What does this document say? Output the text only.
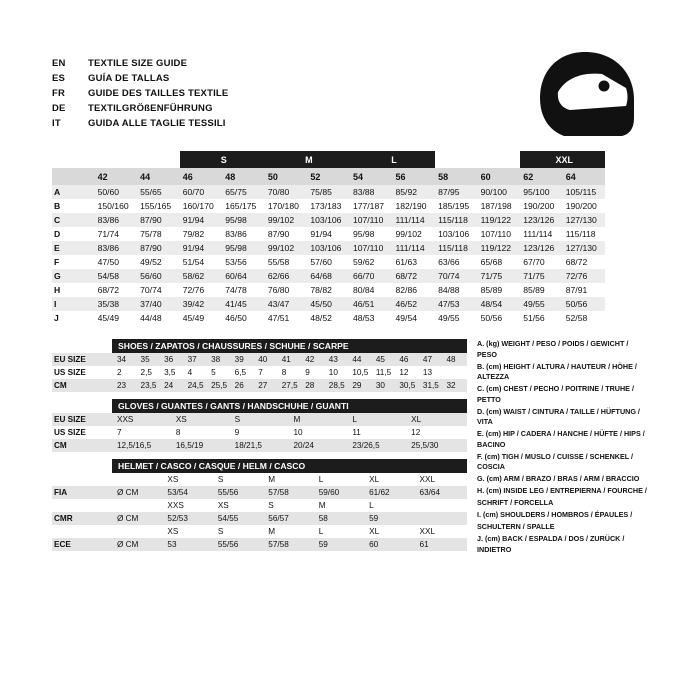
EN	TEXTILE SIZE GUIDE
ES	GUÍA DE TALLAS
FR	GUIDE DES TAILLES TEXTILE
DE	TEXTILGRÖßENFÜHRUNG
IT	GUIDA ALLE TAGLIE TESSILI
			S		M		L				XXL		
	42	44	46	48	50	52	54	56	58	60	62	64	
A	50/60	55/65	60/70	65/75	70/80	75/85	83/88	85/92	87/95	90/100	95/100	105/115	
B	150/160	155/165	160/170	165/175	170/180	173/183	177/187	182/190	185/195	187/198	190/200	190/200	
C	83/86	87/90	91/94	95/98	99/102	103/106	107/110	111/114	115/118	119/122	123/126	127/130	
D	71/74	75/78	79/82	83/86	87/90	91/94	95/98	99/102	103/106	107/110	111/114	115/118	
E	83/86	87/90	91/94	95/98	99/102	103/106	107/110	111/114	115/118	119/122	123/126	127/130	
F	47/50	49/52	51/54	53/56	55/58	57/60	59/62	61/63	63/66	65/68	67/70	68/72	
G	54/58	56/60	58/62	60/64	62/66	64/68	66/70	68/72	70/74	71/75	71/75	72/76	
H	68/72	70/74	72/76	74/78	76/80	78/82	80/84	82/86	84/88	85/89	85/89	87/91	
I	35/38	37/40	39/42	41/45	43/47	45/50	46/51	46/52	47/53	48/54	49/55	50/56	
J	45/49	44/48	45/49	46/50	47/51	48/52	48/53	49/54	49/55	50/56	51/56	52/58	
SHOES / ZAPATOS / CHAUSSURES / SCHUHE / SCARPE
EU SIZE	34	35	36	37	38	39	40	41	42	43	44	45	46	47	48
US SIZE	2	2,5	3,5	4	5	6,5	7	8	9	10	10,5	11,5	12	13	
CM	23	23,5	24	24,5	25,5	26	27	27,5	28	28,5	29	30	30,5	31,5	32
GLOVES / GUANTES / GANTS / HANDSCHUHE / GUANTI
EU SIZE	XXS	XS	S	M	L	XL
US SIZE	7	8	9	10	11	12
CM	12,5/16,5	16,5/19	18/21,5	20/24	23/26,5	25,5/30
HELMET / CASCO / CASQUE / HELM / CASCO
		XS	S	M	L	XL	XXL
FIA	Ø CM	53/54	55/56	57/58	59/60	61/62	63/64
		XXS	XS	S	M	L	
CMR	Ø CM	52/53	54/55	56/57	58	59	
		XS	S	M	L	XL	XXL
ECE	Ø CM	53	55/56	57/58	59	60	61
A. (kg) WEIGHT / PESO / POIDS / GEWICHT / PESO
B. (cm) HEIGHT / ALTURA / HAUTEUR / HÖHE / ALTEZZA
C. (cm) CHEST / PECHO / POITRINE / TRUHE / PETTO
D. (cm) WAIST / CINTURA / TAILLE / HÜFTUNG / VITA
E. (cm) HIP / CADERA / HANCHE / HÜFTE / HIPS / BACINO
F. (cm) TIGH / MUSLO / CUISSE / SCHENKEL / COSCIA
G. (cm) ARM / BRAZO / BRAS / ARM / BRACCIO
H. (cm) INSIDE LEG / ENTREPIERNA / FOURCHE /
SCHRIFT / FORCELLA
I. (cm) SHOULDERS / HOMBROS / ÉPAULES /
SCHULTERN / SPALLE
J. (cm) BACK / ESPALDA / DOS / ZURÜCK / INDIETRO
